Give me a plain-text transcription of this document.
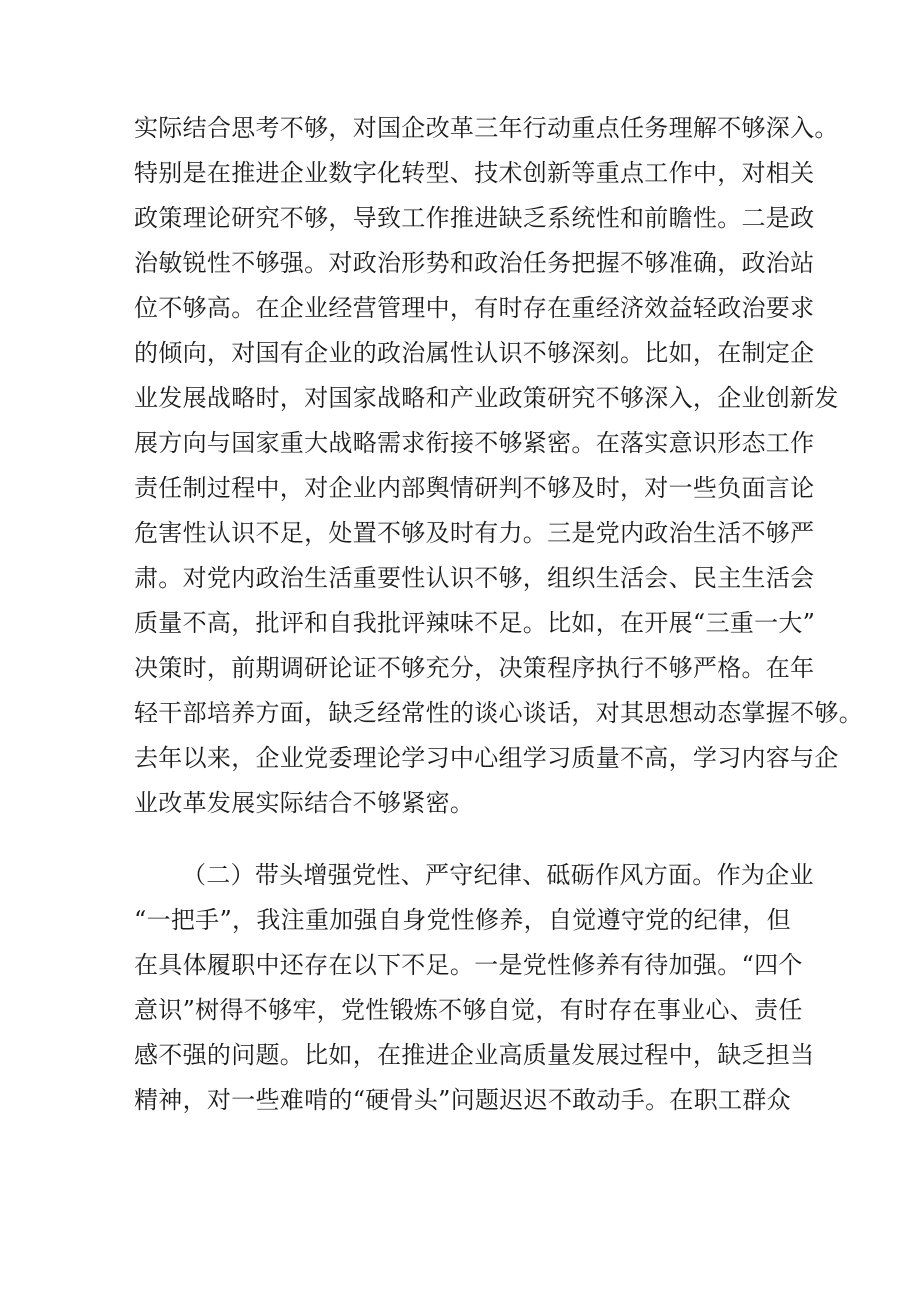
实际结合思考不够，对国企改革三年行动重点任务理解不够深入。
特别是在推进企业数字化转型、技术创新等重点工作中，对相关
政策理论研究不够，导致工作推进缺乏系统性和前瞻性。二是政
治敏锐性不够强。对政治形势和政治任务把握不够准确，政治站
位不够高。在企业经营管理中，有时存在重经济效益轻政治要求
的倾向，对国有企业的政治属性认识不够深刻。比如，在制定企
业发展战略时，对国家战略和产业政策研究不够深入，企业创新发
展方向与国家重大战略需求衔接不够紧密。在落实意识形态工作
责任制过程中，对企业内部舆情研判不够及时，对一些负面言论
危害性认识不足，处置不够及时有力。三是党内政治生活不够严
肃。对党内政治生活重要性认识不够，组织生活会、民主生活会
质量不高，批评和自我批评辣味不足。比如，在开展“三重一大”
决策时，前期调研论证不够充分，决策程序执行不够严格。在年
轻干部培养方面，缺乏经常性的谈心谈话，对其思想动态掌握不够。
去年以来，企业党委理论学习中心组学习质量不高，学习内容与企
业改革发展实际结合不够紧密。
（二）带头增强党性、严守纪律、砥砺作风方面。作为企业
“一把手”，我注重加强自身党性修养，自觉遵守党的纪律，但
在具体履职中还存在以下不足。一是党性修养有待加强。“四个
意识”树得不够牢，党性锻炼不够自觉，有时存在事业心、责任
感不强的问题。比如，在推进企业高质量发展过程中，缺乏担当
精神，对一些难啃的“硬骨头”问题迟迟不敢动手。在职工群众
